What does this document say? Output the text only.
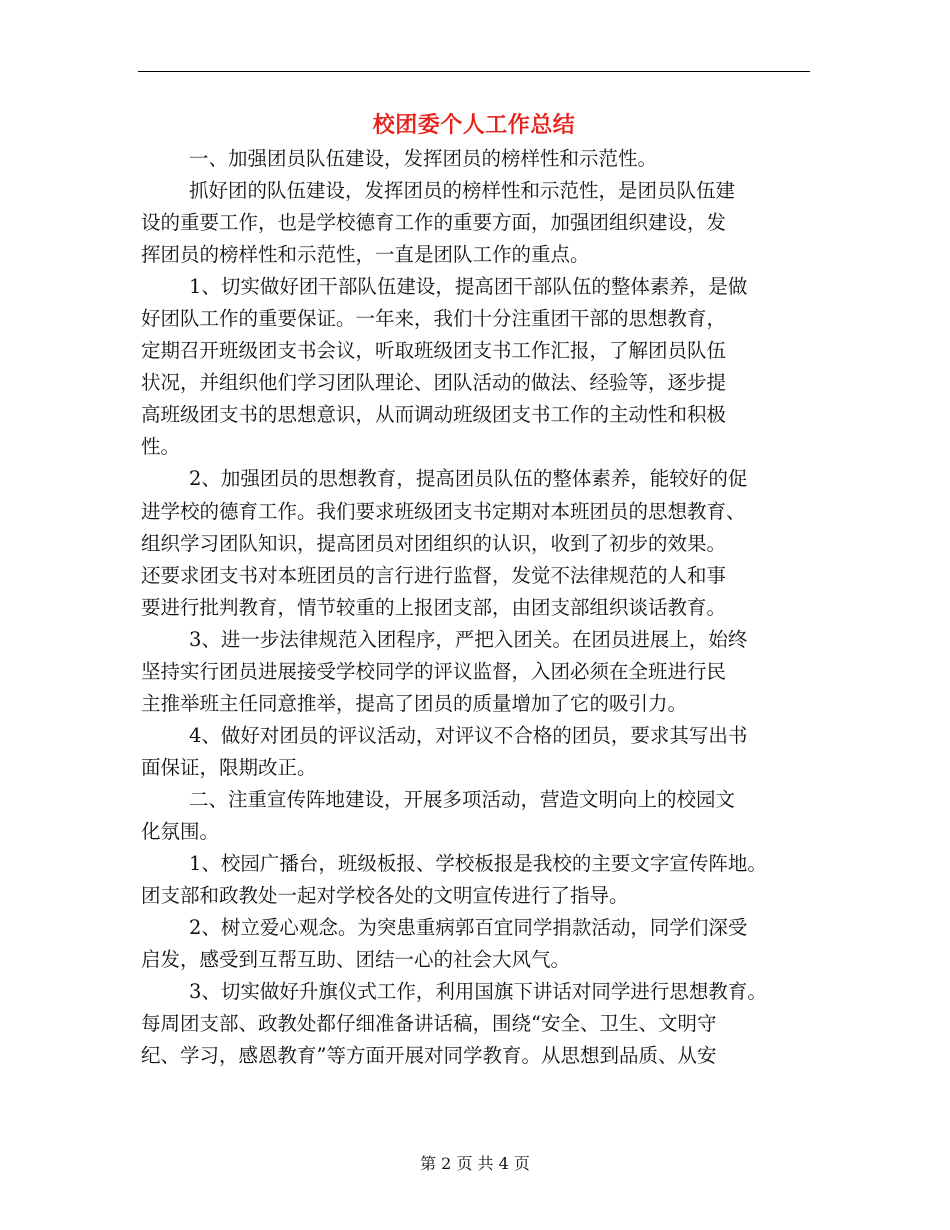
校团委个人工作总结
一、加强团员队伍建设，发挥团员的榜样性和示范性。
抓好团的队伍建设，发挥团员的榜样性和示范性，是团员队伍建
设的重要工作，也是学校德育工作的重要方面，加强团组织建设，发
挥团员的榜样性和示范性，一直是团队工作的重点。
1、切实做好团干部队伍建设，提高团干部队伍的整体素养，是做
好团队工作的重要保证。一年来，我们十分注重团干部的思想教育，
定期召开班级团支书会议，听取班级团支书工作汇报，了解团员队伍
状况，并组织他们学习团队理论、团队活动的做法、经验等，逐步提
高班级团支书的思想意识，从而调动班级团支书工作的主动性和积极
性。
2、加强团员的思想教育，提高团员队伍的整体素养，能较好的促
进学校的德育工作。我们要求班级团支书定期对本班团员的思想教育、
组织学习团队知识，提高团员对团组织的认识，收到了初步的效果。
还要求团支书对本班团员的言行进行监督，发觉不法律规范的人和事
要进行批判教育，情节较重的上报团支部，由团支部组织谈话教育。
3、进一步法律规范入团程序，严把入团关。在团员进展上，始终
坚持实行团员进展接受学校同学的评议监督，入团必须在全班进行民
主推举班主任同意推举，提高了团员的质量增加了它的吸引力。
4、做好对团员的评议活动，对评议不合格的团员，要求其写出书
面保证，限期改正。
二、注重宣传阵地建设，开展多项活动，营造文明向上的校园文
化氛围。
1、校园广播台，班级板报、学校板报是我校的主要文字宣传阵地。
团支部和政教处一起对学校各处的文明宣传进行了指导。
2、树立爱心观念。为突患重病郭百宜同学捐款活动，同学们深受
启发，感受到互帮互助、团结一心的社会大风气。
3、切实做好升旗仪式工作，利用国旗下讲话对同学进行思想教育。
每周团支部、政教处都仔细准备讲话稿，围绕“安全、卫生、文明守
纪、学习，感恩教育”等方面开展对同学教育。从思想到品质、从安
第 2 页 共 4 页
